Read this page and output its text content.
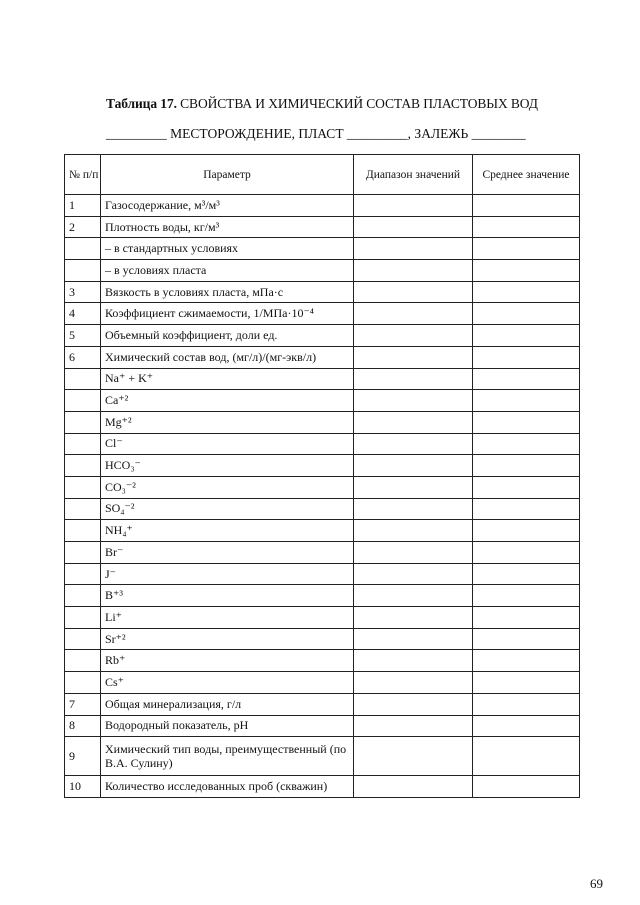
Таблица 17. СВОЙСТВА И ХИМИЧЕСКИЙ СОСТАВ ПЛАСТОВЫХ ВОД
_________ МЕСТОРОЖДЕНИЕ, ПЛАСТ _________, ЗАЛЕЖЬ ________
№ п/п	Параметр	Диапазон значений	Среднее значение
1	Газосодержание, м³/м³		
2	Плотность воды, кг/м³		
	– в стандартных условиях		
	– в условиях пласта		
3	Вязкость в условиях пласта, мПа·с		
4	Коэффициент сжимаемости, 1/МПа·10⁻⁴		
5	Объемный коэффициент, доли ед.		
6	Химический состав вод, (мг/л)/(мг-экв/л)		
	Na⁺ + K⁺		
	Ca⁺²		
	Mg⁺²		
	Cl⁻		
	HCO₃⁻		
	CO₃⁻²		
	SO₄⁻²		
	NH₄⁺		
	Br⁻		
	J⁻		
	B⁺³		
	Li⁺		
	Sr⁺²		
	Rb⁺		
	Cs⁺		
7	Общая минерализация, г/л		
8	Водородный показатель, pH		
9	Химический тип воды, преимущественный (по В.А. Сулину)		
10	Количество исследованных проб (скважин)		
69
